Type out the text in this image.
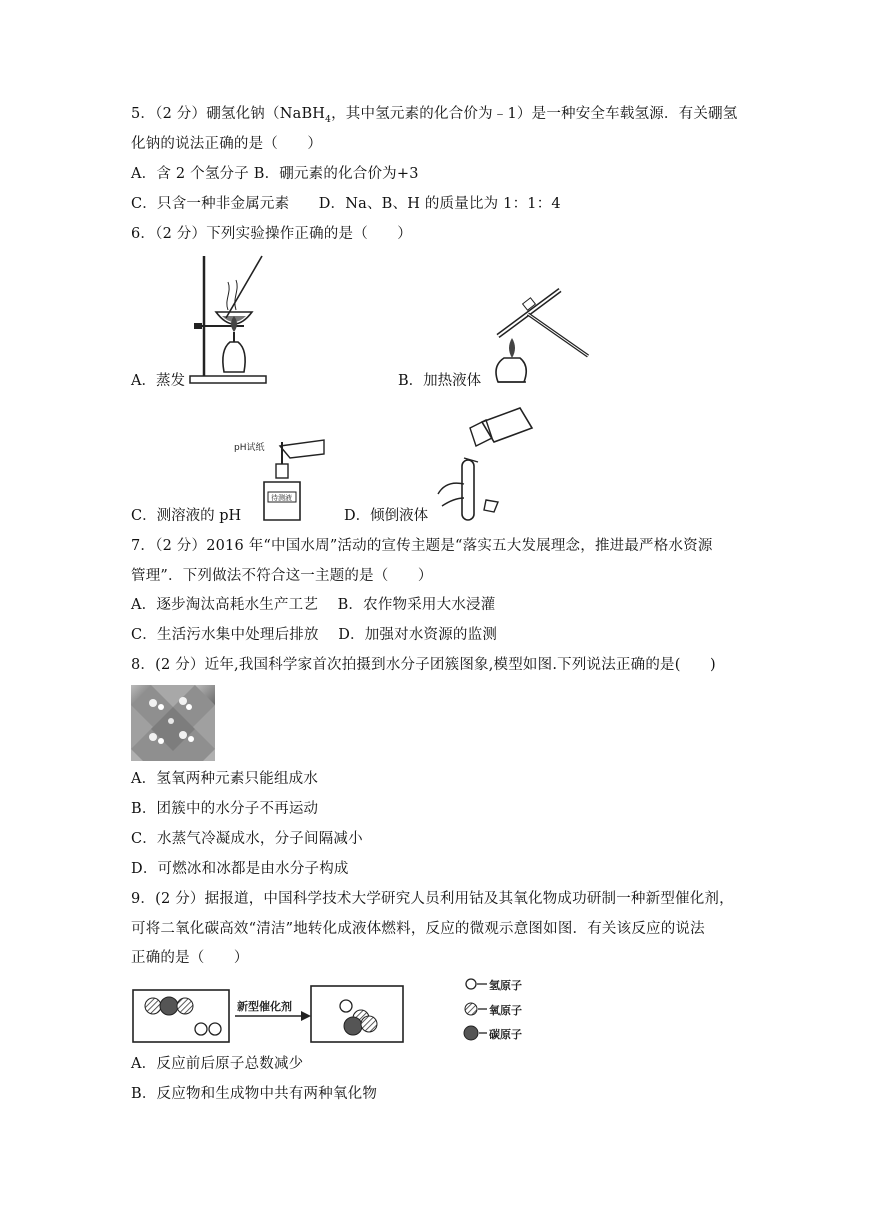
5．（2 分）硼氢化钠（NaBH$_4$，其中氢元素的化合价为﹣1）是一种安全车载氢源．有关硼氢
化钠的说法正确的是（　　）
A．含 2 个氢分子 B．硼元素的化合价为+3
C．只含一种非金属元素　　D．Na、B、H 的质量比为 1：1：4
6．（2 分）下列实验操作正确的是（　　）
A．蒸发	B．加热液体
pH试纸
待测液
C．测溶液的 pH	D．倾倒液体
7．（2 分）2016 年“中国水周”活动的宣传主题是“落实五大发展理念，推进最严格水资源
管理”．下列做法不符合这一主题的是（　　）
A．逐步淘汰高耗水生产工艺　 B．农作物采用大水浸灌
C．生活污水集中处理后排放　 D．加强对水资源的监测
8．(2 分）近年,我国科学家首次拍摄到水分子团簇图象,模型如图.下列说法正确的是(　　)
A．氢氧两种元素只能组成水
B．团簇中的水分子不再运动
C．水蒸气冷凝成水，分子间隔减小
D．可燃冰和冰都是由水分子构成
9．(2 分）据报道，中国科学技术大学研究人员利用钴及其氧化物成功研制一种新型催化剂，
可将二氧化碳高效“清洁”地转化成液体燃料，反应的微观示意图如图．有关该反应的说法
正确的是（　　）
新型催化剂
氢原子
氧原子
碳原子
A．反应前后原子总数减少
B．反应物和生成物中共有两种氧化物
